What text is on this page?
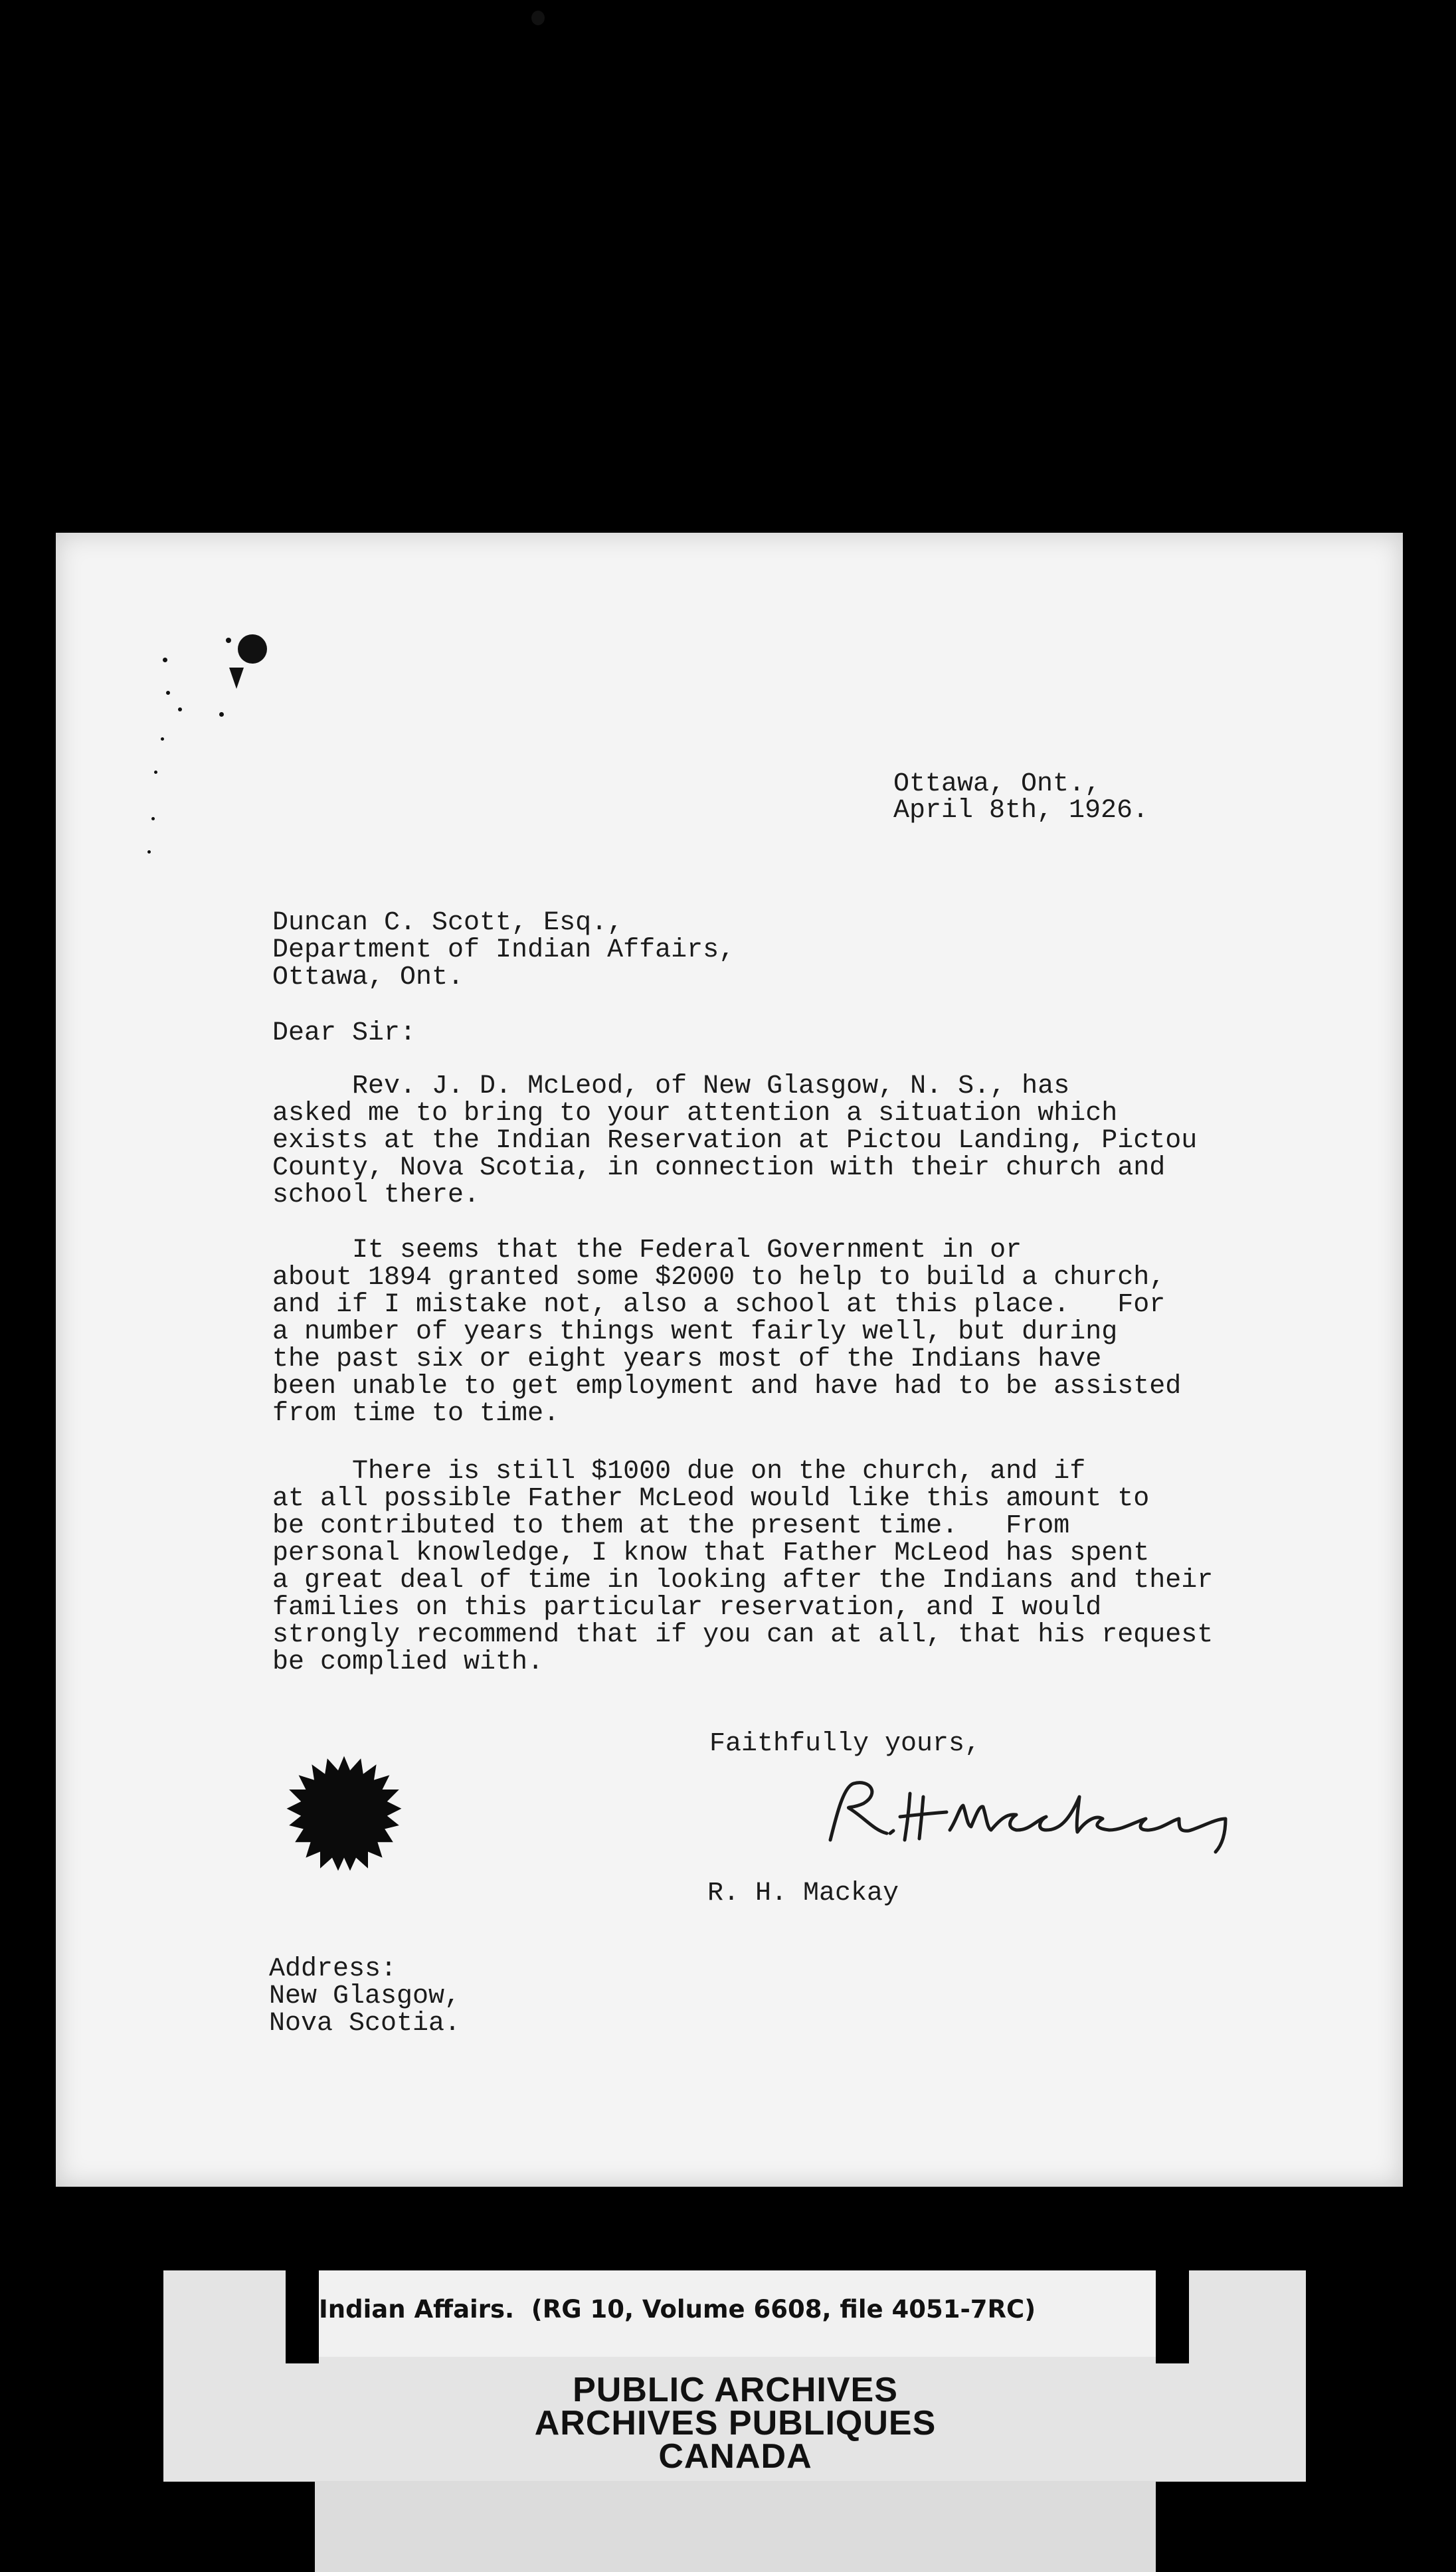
Ottawa, Ont.,
April 8th, 1926.
Duncan C. Scott, Esq.,
Department of Indian Affairs,
Ottawa, Ont.
Dear Sir:
Rev. J. D. McLeod, of New Glasgow, N. S., has
asked me to bring to your attention a situation which
exists at the Indian Reservation at Pictou Landing, Pictou
County, Nova Scotia, in connection with their church and
school there.
It seems that the Federal Government in or
about 1894 granted some $2000 to help to build a church,
and if I mistake not, also a school at this place.   For
a number of years things went fairly well, but during
the past six or eight years most of the Indians have
been unable to get employment and have had to be assisted
from time to time.
There is still $1000 due on the church, and if
at all possible Father McLeod would like this amount to
be contributed to them at the present time.   From
personal knowledge, I know that Father McLeod has spent
a great deal of time in looking after the Indians and their
families on this particular reservation, and I would
strongly recommend that if you can at all, that his request
be complied with.
Faithfully yours,
R. H. Mackay
Address:
New Glasgow,
Nova Scotia.
Indian Affairs.  (RG 10, Volume 6608, file 4051-7RC)
PUBLIC ARCHIVES
ARCHIVES PUBLIQUES
CANADA
